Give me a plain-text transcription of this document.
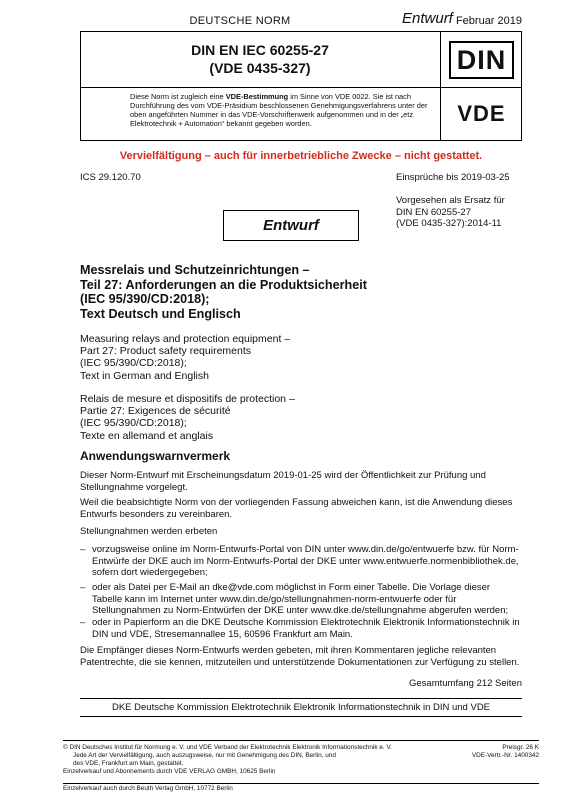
DEUTSCHE NORM	Entwurf Februar 2019
DIN EN IEC 60255-27
(VDE 0435-327)	DIN
Diese Norm ist zugleich eine VDE-Bestimmung im Sinne von VDE 0022. Sie ist nach Durchführung des vom VDE-Präsidium beschlossenen Genehmigungsverfahrens unter der oben angeführten Nummer in das VDE-Vorschriftenwerk aufgenommen und in der „etz Elektrotechnik + Automation“ bekannt gegeben worden.	VDE
Vervielfältigung – auch für innerbetriebliche Zwecke – nicht gestattet.
ICS 29.120.70	Einsprüche bis 2019-03-25
Vorgesehen als Ersatz für
DIN EN 60255-27
(VDE 0435-327):2014-11
Entwurf
Messrelais und Schutzeinrichtungen –
Teil 27: Anforderungen an die Produktsicherheit
(IEC 95/390/CD:2018);
Text Deutsch und Englisch
Measuring relays and protection equipment –
Part 27: Product safety requirements
(IEC 95/390/CD:2018);
Text in German and English
Relais de mesure et dispositifs de protection –
Partie 27: Exigences de sécurité
(IEC 95/390/CD:2018);
Texte en allemand et anglais
Anwendungswarnvermerk
Dieser Norm-Entwurf mit Erscheinungsdatum 2019-01-25 wird der Öffentlichkeit zur Prüfung und Stellungnahme vorgelegt.
Weil die beabsichtigte Norm von der vorliegenden Fassung abweichen kann, ist die Anwendung dieses Entwurfs besonders zu vereinbaren.
Stellungnahmen werden erbeten
– vorzugsweise online im Norm-Entwurfs-Portal von DIN unter www.din.de/go/entwuerfe bzw. für Norm-Entwürfe der DKE auch im Norm-Entwurfs-Portal der DKE unter www.entwuerfe.normenbibliothek.de, sofern dort wiedergegeben;
– oder als Datei per E-Mail an dke@vde.com möglichst in Form einer Tabelle. Die Vorlage dieser Tabelle kann im Internet unter www.din.de/go/stellungnahmen-norm-entwuerfe oder für Stellungnahmen zu Norm-Entwürfen der DKE unter www.dke.de/stellungnahme abgerufen werden;
– oder in Papierform an die DKE Deutsche Kommission Elektrotechnik Elektronik Informationstechnik in DIN und VDE, Stresemannallee 15, 60596 Frankfurt am Main.
Die Empfänger dieses Norm-Entwurfs werden gebeten, mit ihren Kommentaren jegliche relevanten Patentrechte, die sie kennen, mitzuteilen und unterstützende Dokumentationen zur Verfügung zu stellen.
Gesamtumfang 212 Seiten
DKE Deutsche Kommission Elektrotechnik Elektronik Informationstechnik in DIN und VDE
© DIN Deutsches Institut für Normung e. V. und VDE Verband der Elektrotechnik Elektronik Informationstechnik e. V.
Jede Art der Vervielfältigung, auch auszugsweise, nur mit Genehmigung des DIN, Berlin, und
des VDE, Frankfurt am Main, gestattet.
Einzelverkauf und Abonnements durch VDE VERLAG GMBH, 10625 Berlin
Einzelverkauf auch durch Beuth Verlag GmbH, 10772 Berlin
Preisgr. 26 K
VDE-Vertr.-Nr. 1400342
